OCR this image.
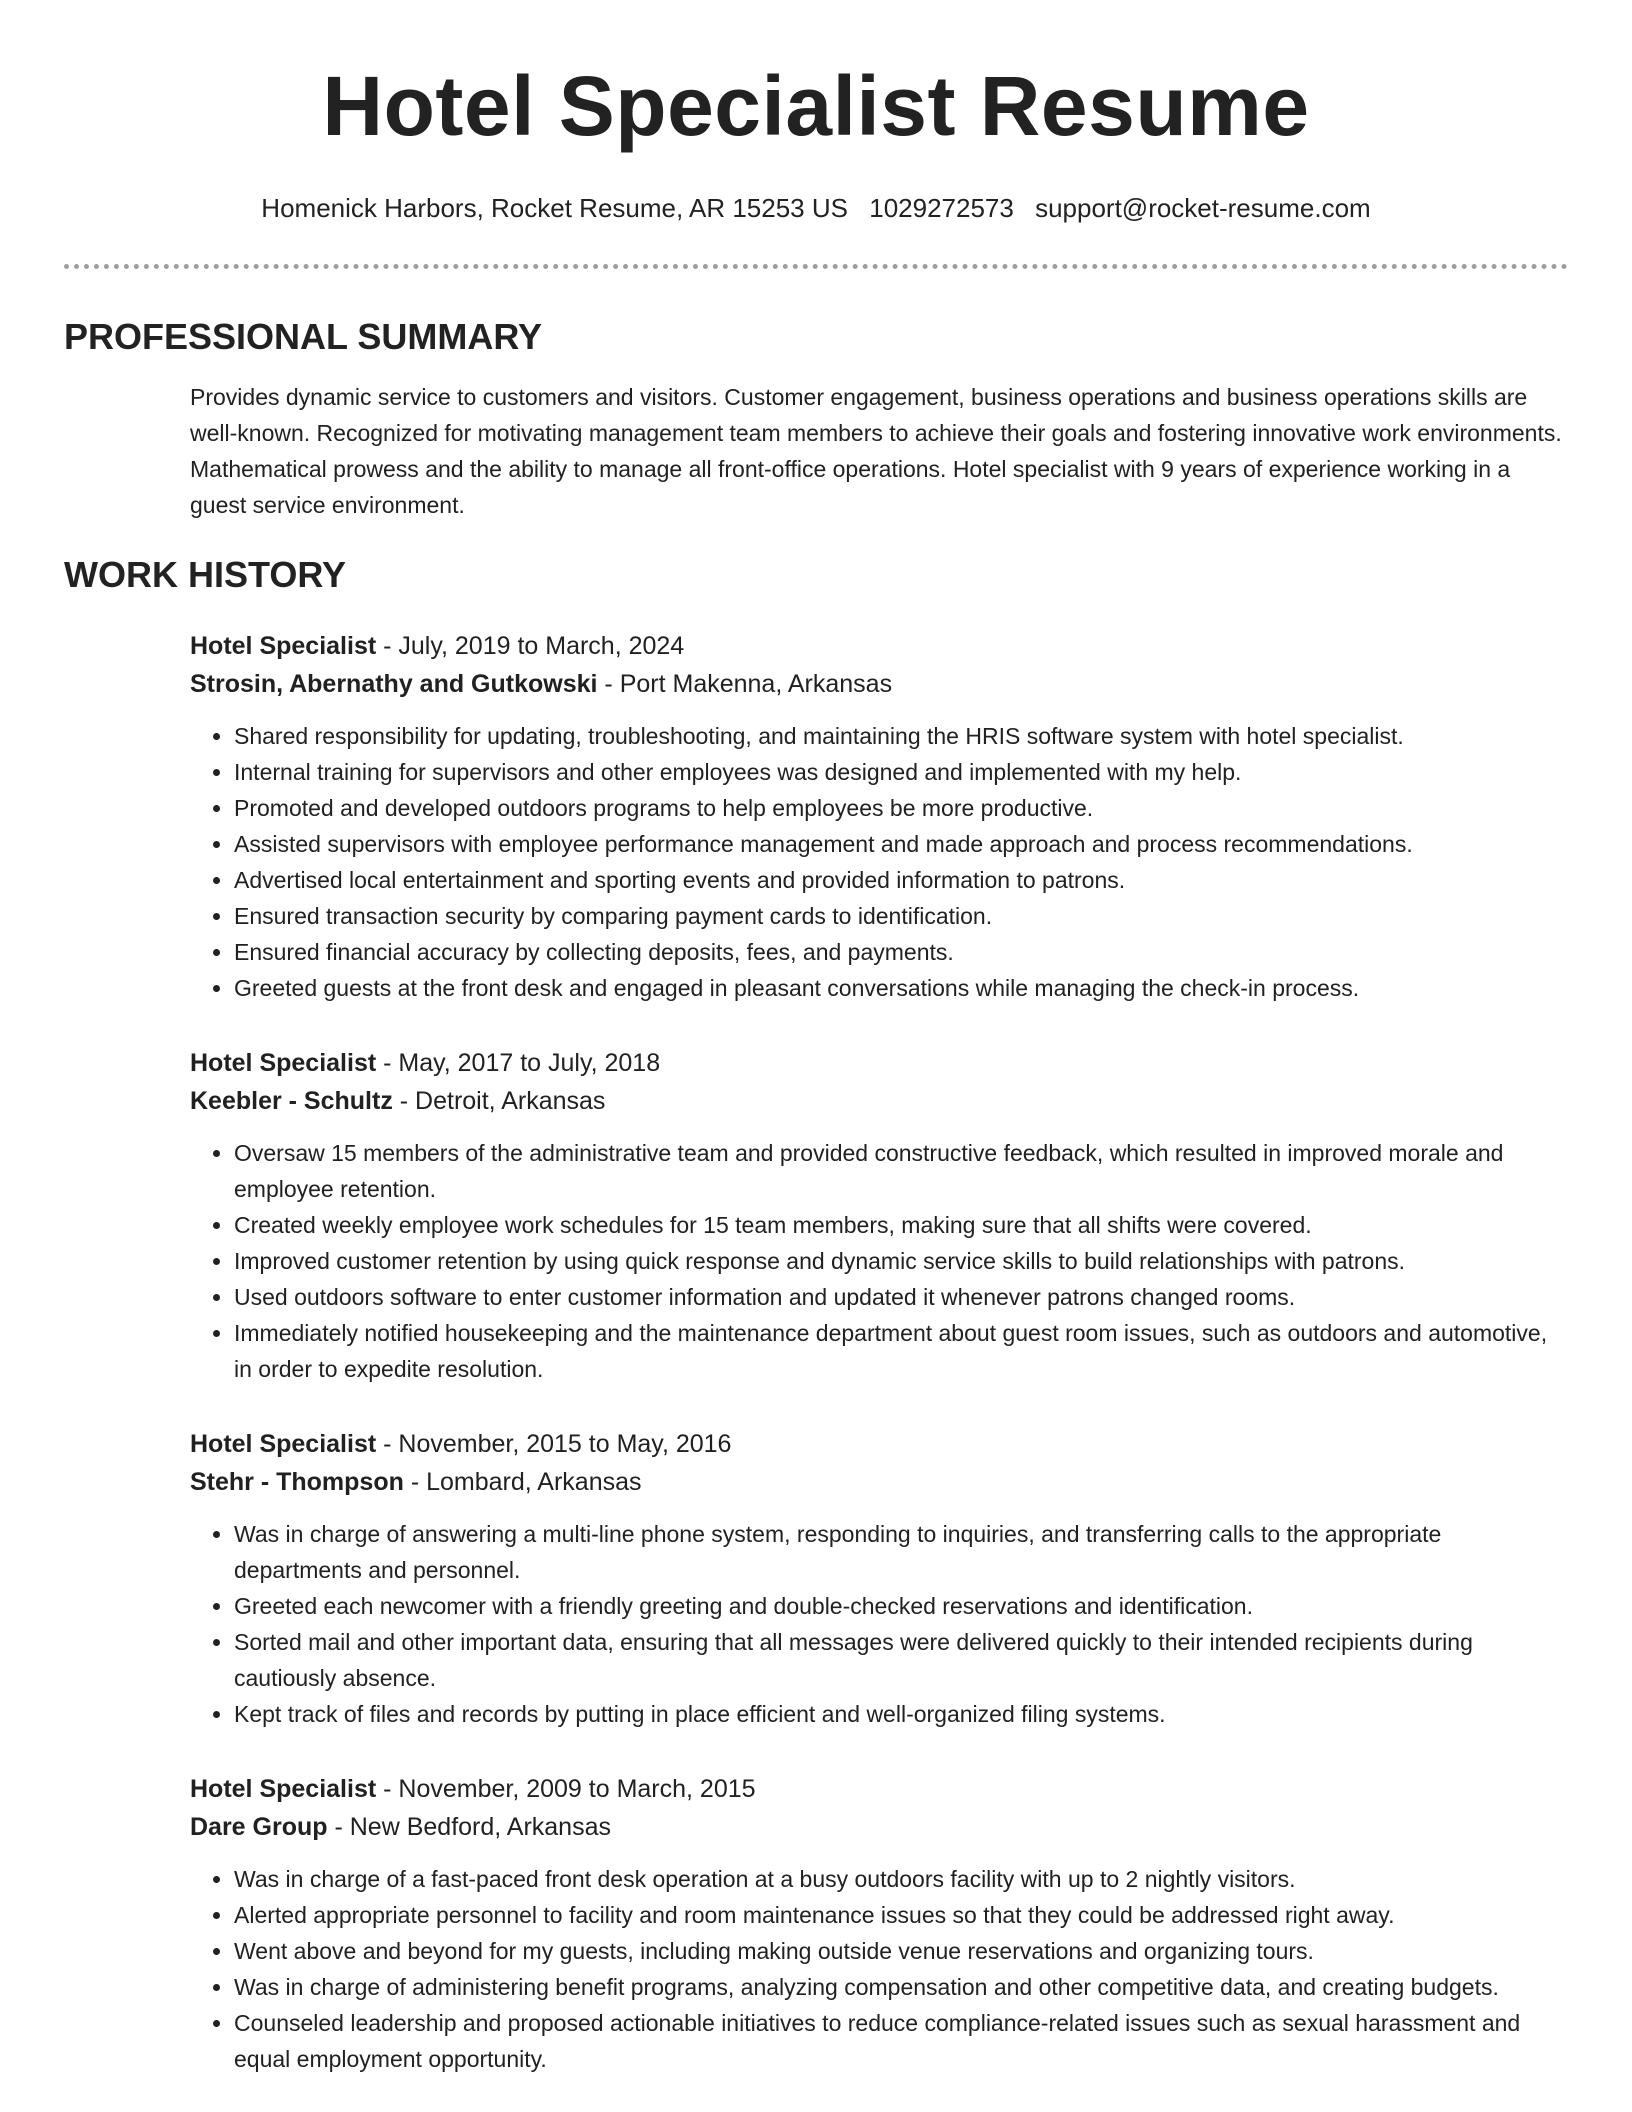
Hotel Specialist Resume
Homenick Harbors, Rocket Resume, AR 15253 US 1029272573 support@rocket-resume.com
PROFESSIONAL SUMMARY
Provides dynamic service to customers and visitors. Customer engagement, business operations and business operations skills are well-known. Recognized for motivating management team members to achieve their goals and fostering innovative work environments. Mathematical prowess and the ability to manage all front-office operations. Hotel specialist with 9 years of experience working in a guest service environment.
WORK HISTORY
Hotel Specialist - July, 2019 to March, 2024
Strosin, Abernathy and Gutkowski - Port Makenna, Arkansas
• Shared responsibility for updating, troubleshooting, and maintaining the HRIS software system with hotel specialist.
• Internal training for supervisors and other employees was designed and implemented with my help.
• Promoted and developed outdoors programs to help employees be more productive.
• Assisted supervisors with employee performance management and made approach and process recommendations.
• Advertised local entertainment and sporting events and provided information to patrons.
• Ensured transaction security by comparing payment cards to identification.
• Ensured financial accuracy by collecting deposits, fees, and payments.
• Greeted guests at the front desk and engaged in pleasant conversations while managing the check-in process.
Hotel Specialist - May, 2017 to July, 2018
Keebler - Schultz - Detroit, Arkansas
• Oversaw 15 members of the administrative team and provided constructive feedback, which resulted in improved morale and employee retention.
• Created weekly employee work schedules for 15 team members, making sure that all shifts were covered.
• Improved customer retention by using quick response and dynamic service skills to build relationships with patrons.
• Used outdoors software to enter customer information and updated it whenever patrons changed rooms.
• Immediately notified housekeeping and the maintenance department about guest room issues, such as outdoors and automotive, in order to expedite resolution.
Hotel Specialist - November, 2015 to May, 2016
Stehr - Thompson - Lombard, Arkansas
• Was in charge of answering a multi-line phone system, responding to inquiries, and transferring calls to the appropriate departments and personnel.
• Greeted each newcomer with a friendly greeting and double-checked reservations and identification.
• Sorted mail and other important data, ensuring that all messages were delivered quickly to their intended recipients during cautiously absence.
• Kept track of files and records by putting in place efficient and well-organized filing systems.
Hotel Specialist - November, 2009 to March, 2015
Dare Group - New Bedford, Arkansas
• Was in charge of a fast-paced front desk operation at a busy outdoors facility with up to 2 nightly visitors.
• Alerted appropriate personnel to facility and room maintenance issues so that they could be addressed right away.
• Went above and beyond for my guests, including making outside venue reservations and organizing tours.
• Was in charge of administering benefit programs, analyzing compensation and other competitive data, and creating budgets.
• Counseled leadership and proposed actionable initiatives to reduce compliance-related issues such as sexual harassment and equal employment opportunity.
